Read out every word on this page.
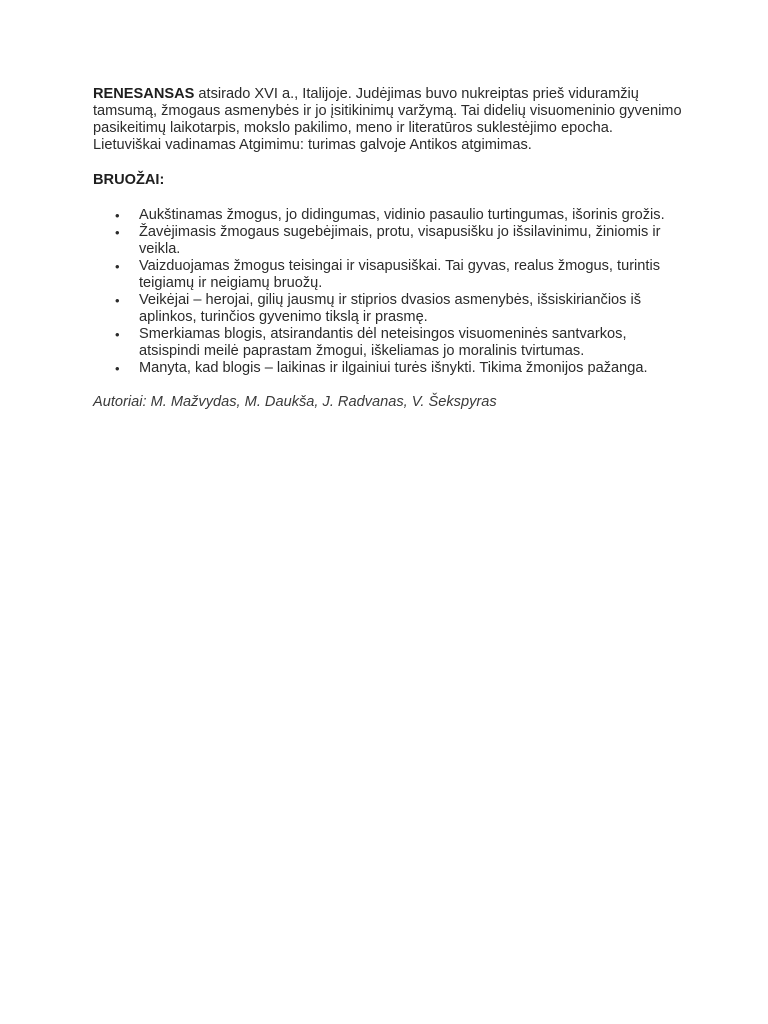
RENESANSAS atsirado XVI a., Italijoje. Judėjimas buvo nukreiptas prieš viduramžių tamsumą, žmogaus asmenybės ir jo įsitikinimų varžymą. Tai didelių visuomeninio gyvenimo pasikeitimų laikotarpis, mokslo pakilimo, meno ir literatūros suklestėjimo epocha. Lietuviškai vadinamas Atgimimu: turimas galvoje Antikos atgimimas.

BRUOŽAI:
• Aukštinamas žmogus, jo didingumas, vidinio pasaulio turtingumas, išorinis grožis.
• Žavėjimasis žmogaus sugebėjimais, protu, visapusišku jo išsilavinimu, žiniomis ir veikla.
• Vaizduojamas žmogus teisingai ir visapusiškai. Tai gyvas, realus žmogus, turintis teigiamų ir neigiamų bruožų.
• Veikėjai – herojai, gilių jausmų ir stiprios dvasios asmenybės, išsiskiriančios iš aplinkos, turinčios gyvenimo tikslą ir prasmę.
• Smerkiamas blogis, atsirandantis dėl neteisingos visuomeninės santvarkos, atsispindi meilė paprastam žmogui, iškeliamas jo moralinis tvirtumas.
• Manyta, kad blogis – laikinas ir ilgainiui turės išnykti. Tikima žmonijos pažanga.

Autoriai: M. Mažvydas, M. Daukša, J. Radvanas, V. Šekspyras
